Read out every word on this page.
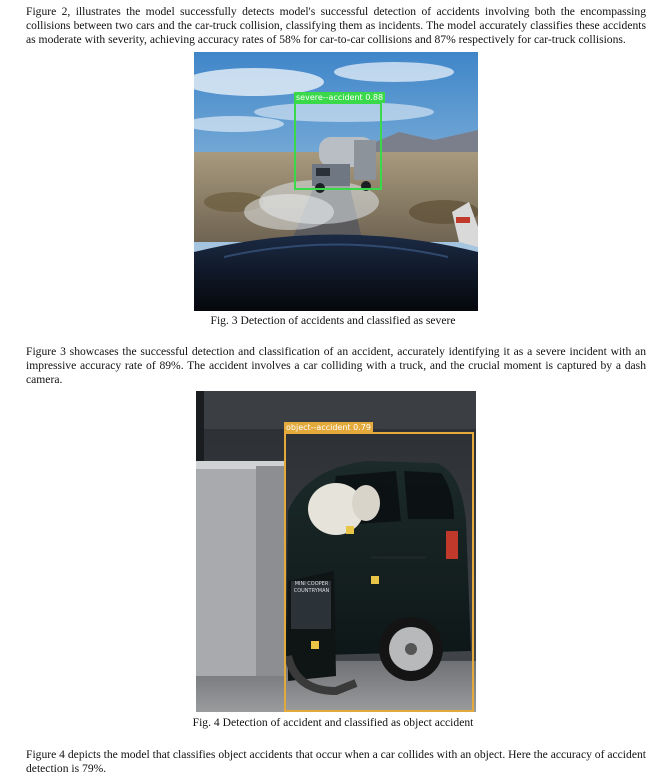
Figure 2, illustrates the model successfully detects model's successful detection of accidents involving both the encompassing collisions between two cars and the car-truck collision, classifying them as incidents. The model accurately classifies these accidents as moderate with severity, achieving accuracy rates of 58% for car-to-car collisions and 87% respectively for car-truck collisions.

severe--accident 0.88

Fig. 3 Detection of accidents and classified as severe

Figure 3 showcases the successful detection and classification of an accident, accurately identifying it as a severe incident with an impressive accuracy rate of 89%. The accident involves a car colliding with a truck, and the crucial moment is captured by a dash camera.

MINI COOPER COUNTRYMAN
object--accident 0.79

Fig. 4 Detection of accident and classified as object accident

Figure 4 depicts the model that classifies object accidents that occur when a car collides with an object. Here the accuracy of accident detection is 79%.
